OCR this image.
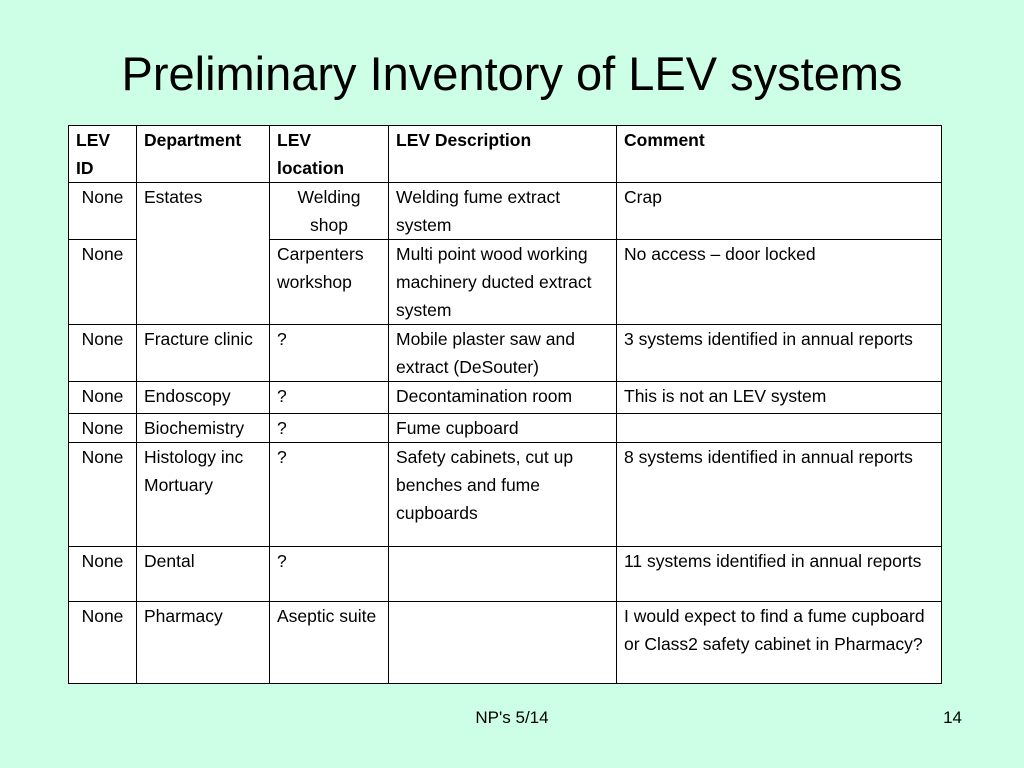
Preliminary Inventory of LEV systems
LEV ID	Department	LEV location	LEV Description	Comment
None	Estates	Welding shop	Welding fume extract system	Crap
None		Carpenters workshop	Multi point wood working machinery ducted extract system	No access – door locked
None	Fracture clinic	?	Mobile plaster saw and extract (DeSouter)	3 systems identified in annual reports
None	Endoscopy	?	Decontamination room	This is not an LEV system
None	Biochemistry	?	Fume cupboard	
None	Histology inc Mortuary	?	Safety cabinets, cut up benches and fume cupboards	8 systems identified in annual reports
None	Dental	?		11 systems identified in annual reports
None	Pharmacy	Aseptic suite		I would expect to find a fume cupboard or Class2 safety cabinet in Pharmacy?
NP's 5/14	14
